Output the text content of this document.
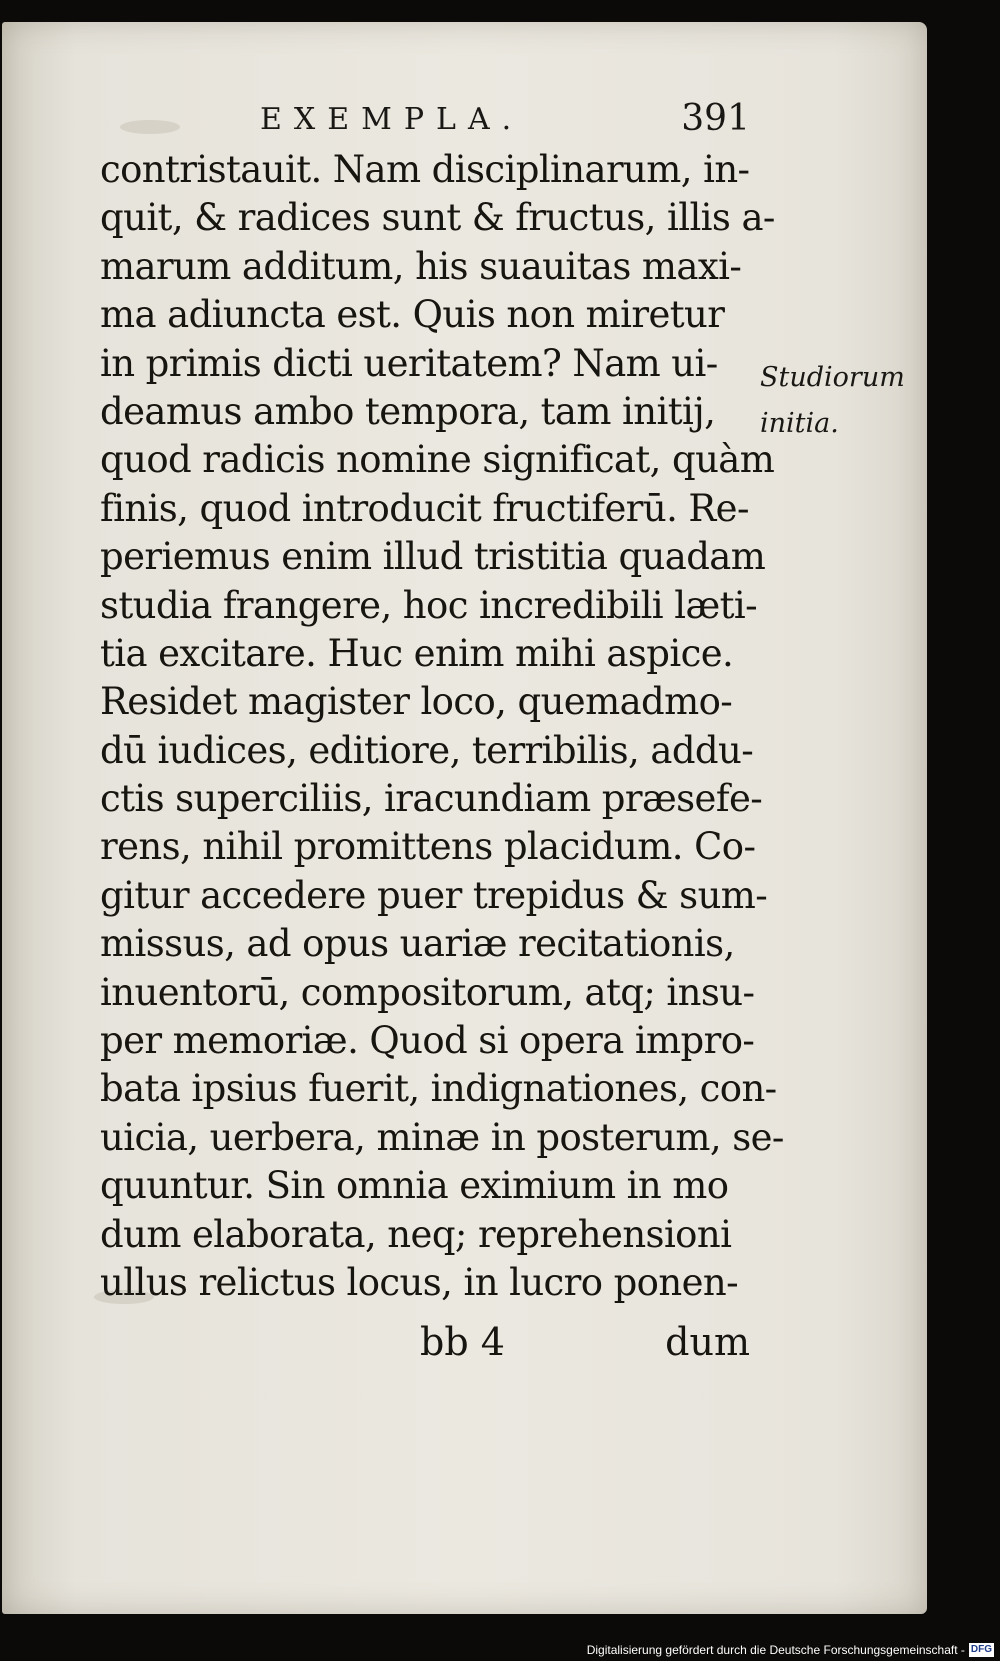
EXEMPLA.	391
contristauit. Nam disciplinarum, in-
quit, & radices sunt & fructus, illis a-
marum additum, his suauitas maxi-
ma adiuncta est. Quis non miretur
in primis dicti ueritatem? Nam ui-
deamus ambo tempora, tam initij,
quod radicis nomine significat, quàm
finis, quod introducit fructiferū. Re-
periemus enim illud tristitia quadam
studia frangere, hoc incredibili læti-
tia excitare. Huc enim mihi aspice.
Residet magister loco, quemadmo-
dū iudices, editiore, terribilis, addu-
ctis superciliis, iracundiam præsefe-
rens, nihil promittens placidum. Co-
gitur accedere puer trepidus & sum-
missus, ad opus uariæ recitationis,
inuentorū, compositorum, atq; insu-
per memoriæ. Quod si opera impro-
bata ipsius fuerit, indignationes, con-
uicia, uerbera, minæ in posterum, se-
quuntur. Sin omnia eximium in mo
dum elaborata, neq; reprehensioni
ullus relictus locus, in lucro ponen-
Studiorum
initia.
bb 4	dum
Digitalisierung gefördert durch die Deutsche Forschungsgemeinschaft - DFG
